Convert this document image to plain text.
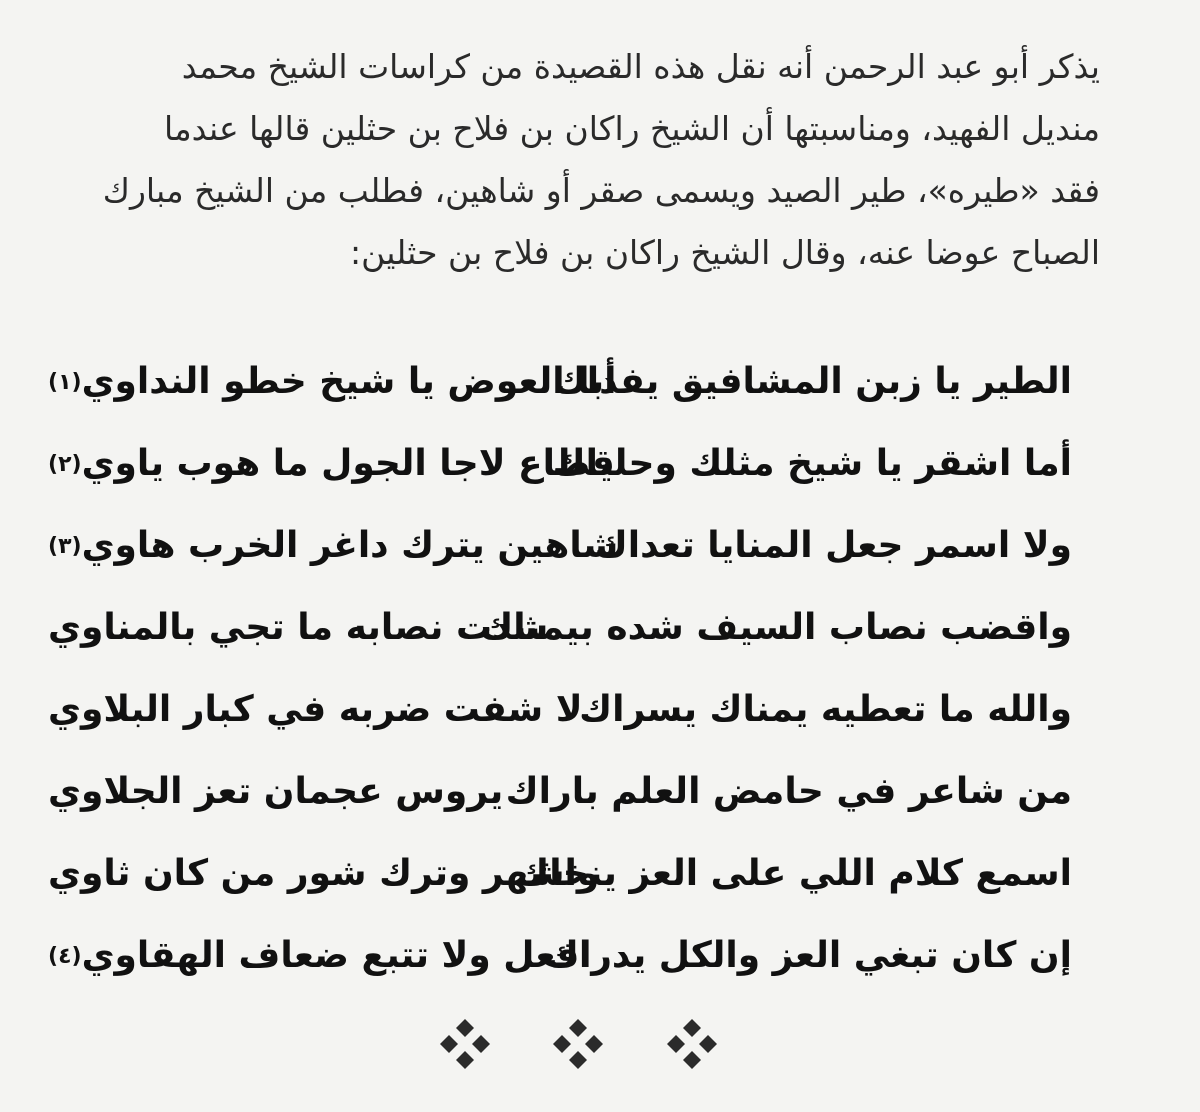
يذكر أبو عبد الرحمن أنه نقل هذه القصيدة من كراسات الشيخ محمد
منديل الفهيد، ومناسبتها أن الشيخ راكان بن فلاح بن حثلين قالها عندما
فقد «طيره»، طير الصيد ويسمى صقر أو شاهين، فطلب من الشيخ مبارك
الصباح عوضا عنه، وقال الشيخ راكان بن فلاح بن حثلين:
الطير يا زبن المشافيق يفداك
أبا العوض يا شيخ خطو النداوي(١)
أما اشقر يا شيخ مثلك وحلياك
قطاع لاجا الجول ما هوب ياوي(٢)
ولا اسمر جعل المنايا تعداك
شاهين يترك داغر الخرب هاوي(٣)
واقضب نصاب السيف شده بيمناك
شدت نصابه ما تجي بالمناوي
والله ما تعطيه يمناك يسراك
لا شفت ضربه في كبار البلاوي
من شاعر في حامض العلم باراك
يروس عجمان تعز الجلاوي
اسمع كلام اللي على العز ينخاك
واشهر وترك شور من كان ثاوي
إن كان تبغي العز والكل يدراك
افعل ولا تتبع ضعاف الهقاوي(٤)
